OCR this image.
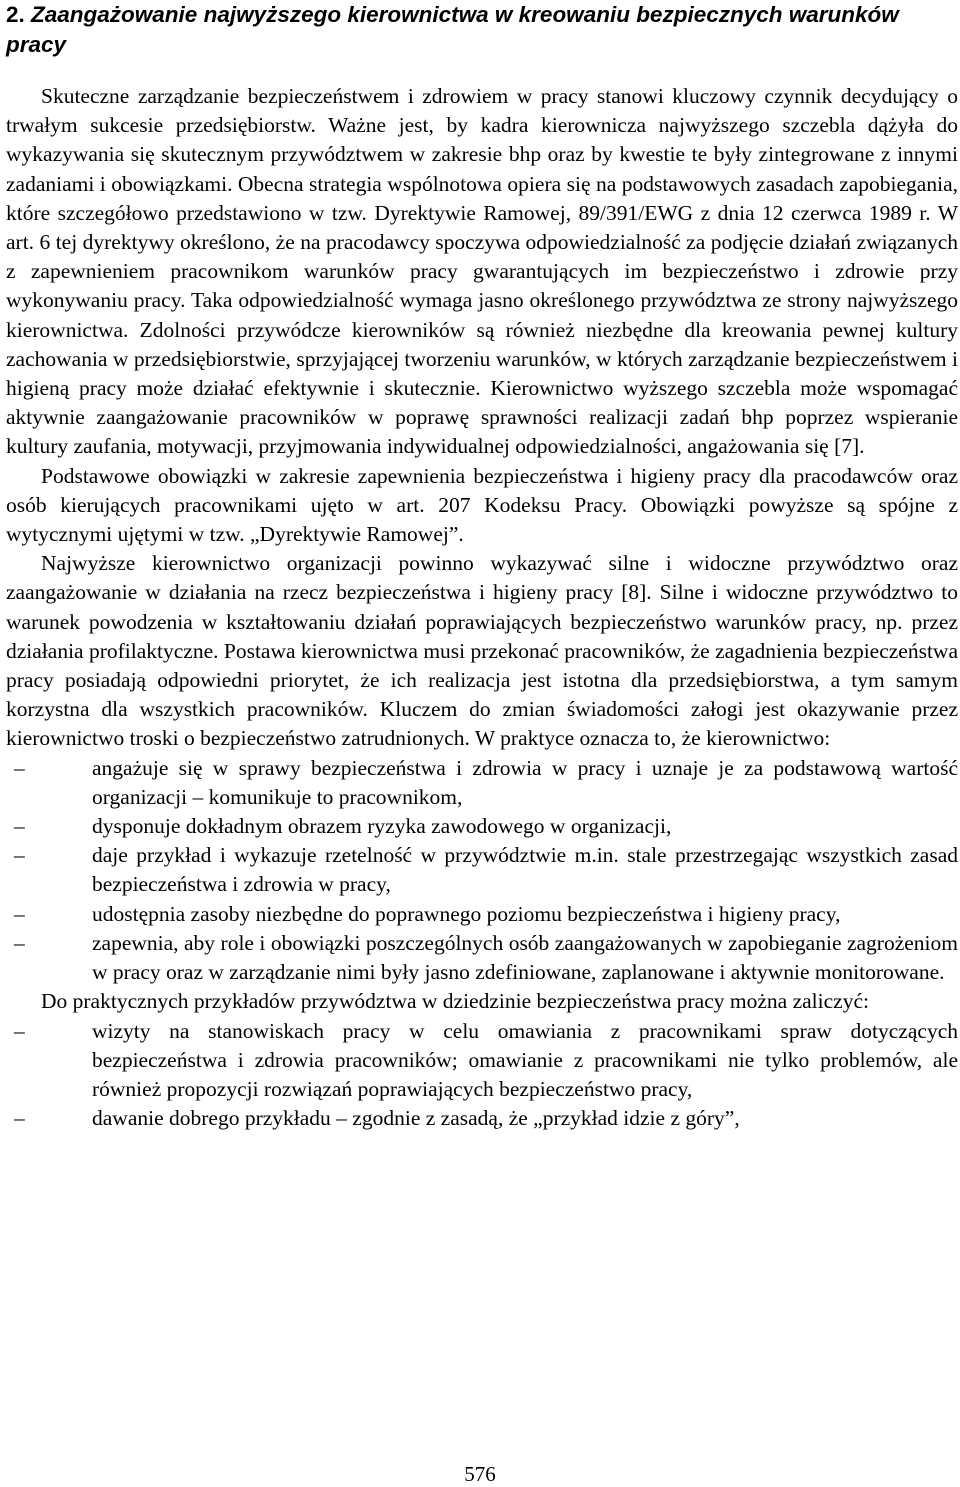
2. Zaangażowanie najwyższego kierownictwa w kreowaniu bezpiecznych warunków pracy

Skuteczne zarządzanie bezpieczeństwem i zdrowiem w pracy stanowi kluczowy czynnik decydujący o trwałym sukcesie przedsiębiorstw. Ważne jest, by kadra kierownicza najwyższego szczebla dążyła do wykazywania się skutecznym przywództwem w zakresie bhp oraz by kwestie te były zintegrowane z innymi zadaniami i obowiązkami. Obecna strategia wspólnotowa opiera się na podstawowych zasadach zapobiegania, które szczegółowo przedstawiono w tzw. Dyrektywie Ramowej, 89/391/EWG z dnia 12 czerwca 1989 r. W art. 6 tej dyrektywy określono, że na pracodawcy spoczywa odpowiedzialność za podjęcie działań związanych z zapewnieniem pracownikom warunków pracy gwarantujących im bezpieczeństwo i zdrowie przy wykonywaniu pracy. Taka odpowiedzialność wymaga jasno określonego przywództwa ze strony najwyższego kierownictwa. Zdolności przywódcze kierowników są również niezbędne dla kreowania pewnej kultury zachowania w przedsiębiorstwie, sprzyjającej tworzeniu warunków, w których zarządzanie bezpieczeństwem i higieną pracy może działać efektywnie i skutecznie. Kierownictwo wyższego szczebla może wspomagać aktywnie zaangażowanie pracowników w poprawę sprawności realizacji zadań bhp poprzez wspieranie kultury zaufania, motywacji, przyjmowania indywidualnej odpowiedzialności, angażowania się [7].

Podstawowe obowiązki w zakresie zapewnienia bezpieczeństwa i higieny pracy dla pracodawców oraz osób kierujących pracownikami ujęto w art. 207 Kodeksu Pracy. Obowiązki powyższe są spójne z wytycznymi ujętymi w tzw. „Dyrektywie Ramowej”.

Najwyższe kierownictwo organizacji powinno wykazywać silne i widoczne przywództwo oraz zaangażowanie w działania na rzecz bezpieczeństwa i higieny pracy [8]. Silne i widoczne przywództwo to warunek powodzenia w kształtowaniu działań poprawiających bezpieczeństwo warunków pracy, np. przez działania profilaktyczne. Postawa kierownictwa musi przekonać pracowników, że zagadnienia bezpieczeństwa pracy posiadają odpowiedni priorytet, że ich realizacja jest istotna dla przedsiębiorstwa, a tym samym korzystna dla wszystkich pracowników. Kluczem do zmian świadomości załogi jest okazywanie przez kierownictwo troski o bezpieczeństwo zatrudnionych. W praktyce oznacza to, że kierownictwo:

–	angażuje się w sprawy bezpieczeństwa i zdrowia w pracy i uznaje je za podstawową wartość organizacji – komunikuje to pracownikom,
–	dysponuje dokładnym obrazem ryzyka zawodowego w organizacji,
–	daje przykład i wykazuje rzetelność w przywództwie m.in. stale przestrzegając wszystkich zasad bezpieczeństwa i zdrowia w pracy,
–	udostępnia zasoby niezbędne do poprawnego poziomu bezpieczeństwa i higieny pracy,
–	zapewnia, aby role i obowiązki poszczególnych osób zaangażowanych w zapobieganie zagrożeniom w pracy oraz w zarządzanie nimi były jasno zdefiniowane, zaplanowane i aktywnie monitorowane.

Do praktycznych przykładów przywództwa w dziedzinie bezpieczeństwa pracy można zaliczyć:

–	wizyty na stanowiskach pracy w celu omawiania z pracownikami spraw dotyczących bezpieczeństwa i zdrowia pracowników; omawianie z pracownikami nie tylko problemów, ale również propozycji rozwiązań poprawiających bezpieczeństwo pracy,
–	dawanie dobrego przykładu – zgodnie z zasadą, że „przykład idzie z góry”,
576
